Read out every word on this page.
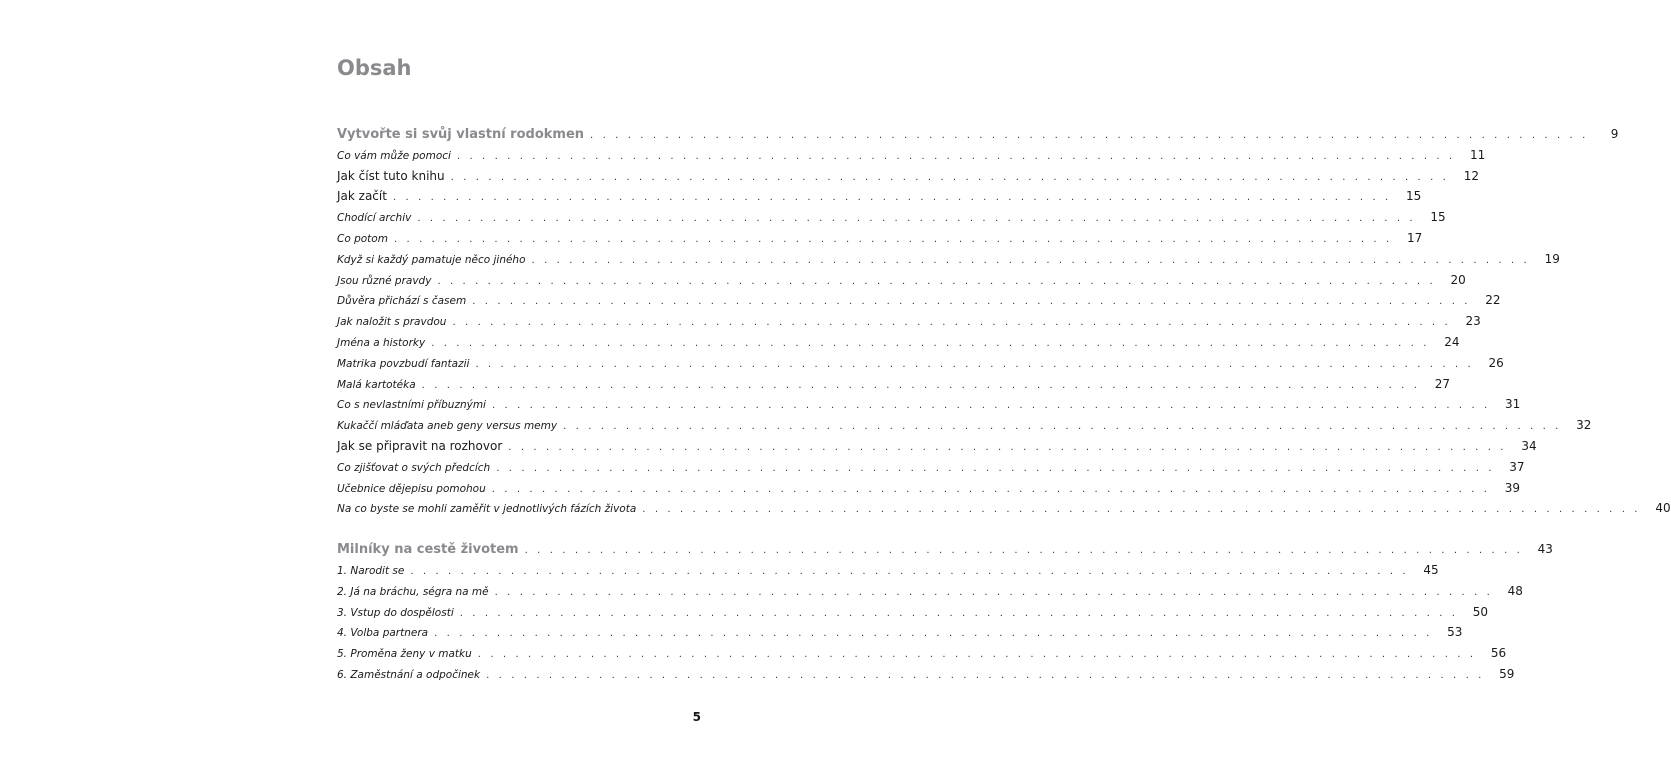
Obsah
Vytvořte si svůj vlastní rodokmen . . . . . . . . . . . . . . . . . . . . . . . . . . . . . . . . . . . . . . . . . . . . . . . . . . . . . . . . . . . . . . . . . . . . . . . . . . . . . . . .	9
Co vám může pomoci . . . . . . . . . . . . . . . . . . . . . . . . . . . . . . . . . . . . . . . . . . . . . . . . . . . . . . . . . . . . . . . . . . . . . . . . . . . . . . . .	11
Jak číst tuto knihu . . . . . . . . . . . . . . . . . . . . . . . . . . . . . . . . . . . . . . . . . . . . . . . . . . . . . . . . . . . . . . . . . . . . . . . . . . . . . . . .	12
Jak začít . . . . . . . . . . . . . . . . . . . . . . . . . . . . . . . . . . . . . . . . . . . . . . . . . . . . . . . . . . . . . . . . . . . . . . . . . . . . . . . .	15
Chodící archiv . . . . . . . . . . . . . . . . . . . . . . . . . . . . . . . . . . . . . . . . . . . . . . . . . . . . . . . . . . . . . . . . . . . . . . . . . . . . . . . .	15
Co potom . . . . . . . . . . . . . . . . . . . . . . . . . . . . . . . . . . . . . . . . . . . . . . . . . . . . . . . . . . . . . . . . . . . . . . . . . . . . . . . .	17
Když si každý pamatuje něco jiného . . . . . . . . . . . . . . . . . . . . . . . . . . . . . . . . . . . . . . . . . . . . . . . . . . . . . . . . . . . . . . . . . . . . . . . . . . . . . . . .	19
Jsou různé pravdy . . . . . . . . . . . . . . . . . . . . . . . . . . . . . . . . . . . . . . . . . . . . . . . . . . . . . . . . . . . . . . . . . . . . . . . . . . . . . . . .	20
Důvěra přichází s časem . . . . . . . . . . . . . . . . . . . . . . . . . . . . . . . . . . . . . . . . . . . . . . . . . . . . . . . . . . . . . . . . . . . . . . . . . . . . . . . .	22
Jak naložit s pravdou . . . . . . . . . . . . . . . . . . . . . . . . . . . . . . . . . . . . . . . . . . . . . . . . . . . . . . . . . . . . . . . . . . . . . . . . . . . . . . . .	23
Jména a historky . . . . . . . . . . . . . . . . . . . . . . . . . . . . . . . . . . . . . . . . . . . . . . . . . . . . . . . . . . . . . . . . . . . . . . . . . . . . . . . .	24
Matrika povzbudí fantazii . . . . . . . . . . . . . . . . . . . . . . . . . . . . . . . . . . . . . . . . . . . . . . . . . . . . . . . . . . . . . . . . . . . . . . . . . . . . . . . .	26
Malá kartotéka . . . . . . . . . . . . . . . . . . . . . . . . . . . . . . . . . . . . . . . . . . . . . . . . . . . . . . . . . . . . . . . . . . . . . . . . . . . . . . . .	27
Co s nevlastními příbuznými . . . . . . . . . . . . . . . . . . . . . . . . . . . . . . . . . . . . . . . . . . . . . . . . . . . . . . . . . . . . . . . . . . . . . . . . . . . . . . . .	31
Kukaččí mláďata aneb geny versus memy . . . . . . . . . . . . . . . . . . . . . . . . . . . . . . . . . . . . . . . . . . . . . . . . . . . . . . . . . . . . . . . . . . . . . . . . . . . . . . . .	32
Jak se připravit na rozhovor . . . . . . . . . . . . . . . . . . . . . . . . . . . . . . . . . . . . . . . . . . . . . . . . . . . . . . . . . . . . . . . . . . . . . . . . . . . . . . . .	34
Co zjišťovat o svých předcích . . . . . . . . . . . . . . . . . . . . . . . . . . . . . . . . . . . . . . . . . . . . . . . . . . . . . . . . . . . . . . . . . . . . . . . . . . . . . . . .	37
Učebnice dějepisu pomohou . . . . . . . . . . . . . . . . . . . . . . . . . . . . . . . . . . . . . . . . . . . . . . . . . . . . . . . . . . . . . . . . . . . . . . . . . . . . . . . .	39
Na co byste se mohli zaměřit v jednotlivých fázích života . . . . . . . . . . . . . . . . . . . . . . . . . . . . . . . . . . . . . . . . . . . . . . . . . . . . . . . . . . . . . . . . . . . . . . . . . . . . . . . .	40
Milníky na cestě životem . . . . . . . . . . . . . . . . . . . . . . . . . . . . . . . . . . . . . . . . . . . . . . . . . . . . . . . . . . . . . . . . . . . . . . . . . . . . . . . .	43
1. Narodit se . . . . . . . . . . . . . . . . . . . . . . . . . . . . . . . . . . . . . . . . . . . . . . . . . . . . . . . . . . . . . . . . . . . . . . . . . . . . . . . .	45
2. Já na bráchu, ségra na mě . . . . . . . . . . . . . . . . . . . . . . . . . . . . . . . . . . . . . . . . . . . . . . . . . . . . . . . . . . . . . . . . . . . . . . . . . . . . . . . .	48
3. Vstup do dospělosti . . . . . . . . . . . . . . . . . . . . . . . . . . . . . . . . . . . . . . . . . . . . . . . . . . . . . . . . . . . . . . . . . . . . . . . . . . . . . . . .	50
4. Volba partnera . . . . . . . . . . . . . . . . . . . . . . . . . . . . . . . . . . . . . . . . . . . . . . . . . . . . . . . . . . . . . . . . . . . . . . . . . . . . . . . .	53
5. Proměna ženy v matku . . . . . . . . . . . . . . . . . . . . . . . . . . . . . . . . . . . . . . . . . . . . . . . . . . . . . . . . . . . . . . . . . . . . . . . . . . . . . . . .	56
6. Zaměstnání a odpočinek . . . . . . . . . . . . . . . . . . . . . . . . . . . . . . . . . . . . . . . . . . . . . . . . . . . . . . . . . . . . . . . . . . . . . . . . . . . . . . . .	59
5
